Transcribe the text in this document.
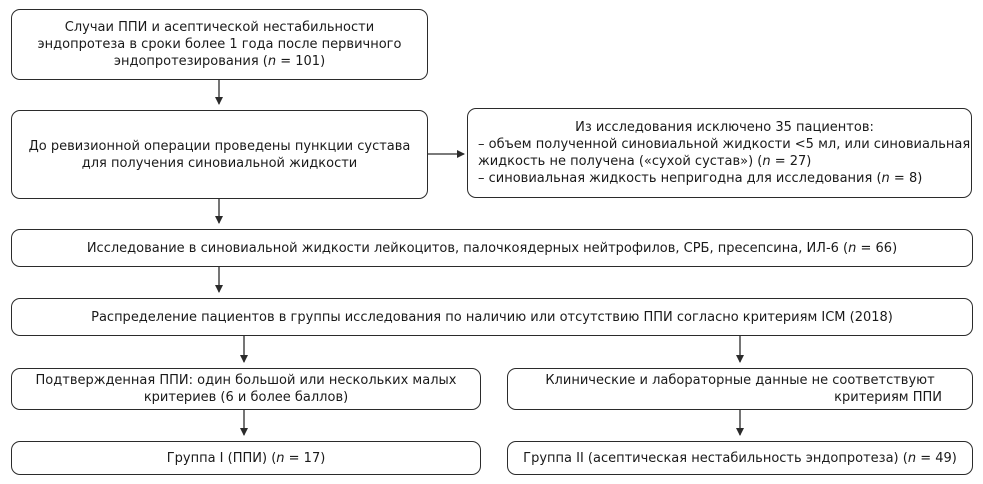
Случаи ППИ и асептической нестабильности
эндопротеза в сроки более 1 года после первичного
эндопротезирования (n = 101)
До ревизионной операции проведены пункции сустава
для получения синовиальной жидкости
Из исследования исключено 35 пациентов:
– объем полученной синовиальной жидкости <5 мл, или синовиальная
жидкость не получена («сухой сустав») (n = 27)
– синовиальная жидкость непригодна для исследования (n = 8)
Исследование в синовиальной жидкости лейкоцитов, палочкоядерных нейтрофилов, СРБ, пресепсина, ИЛ-6 (n = 66)
Распределение пациентов в группы исследования по наличию или отсутствию ППИ согласно критериям ICM (2018)
Подтвержденная ППИ: один большой или нескольких малых
критериев (6 и более баллов)
Клинические и лабораторные данные не соответствуют
критериям ППИ
Группа I (ППИ) (n = 17)	Группа II (асептическая нестабильность эндопротеза) (n = 49)
